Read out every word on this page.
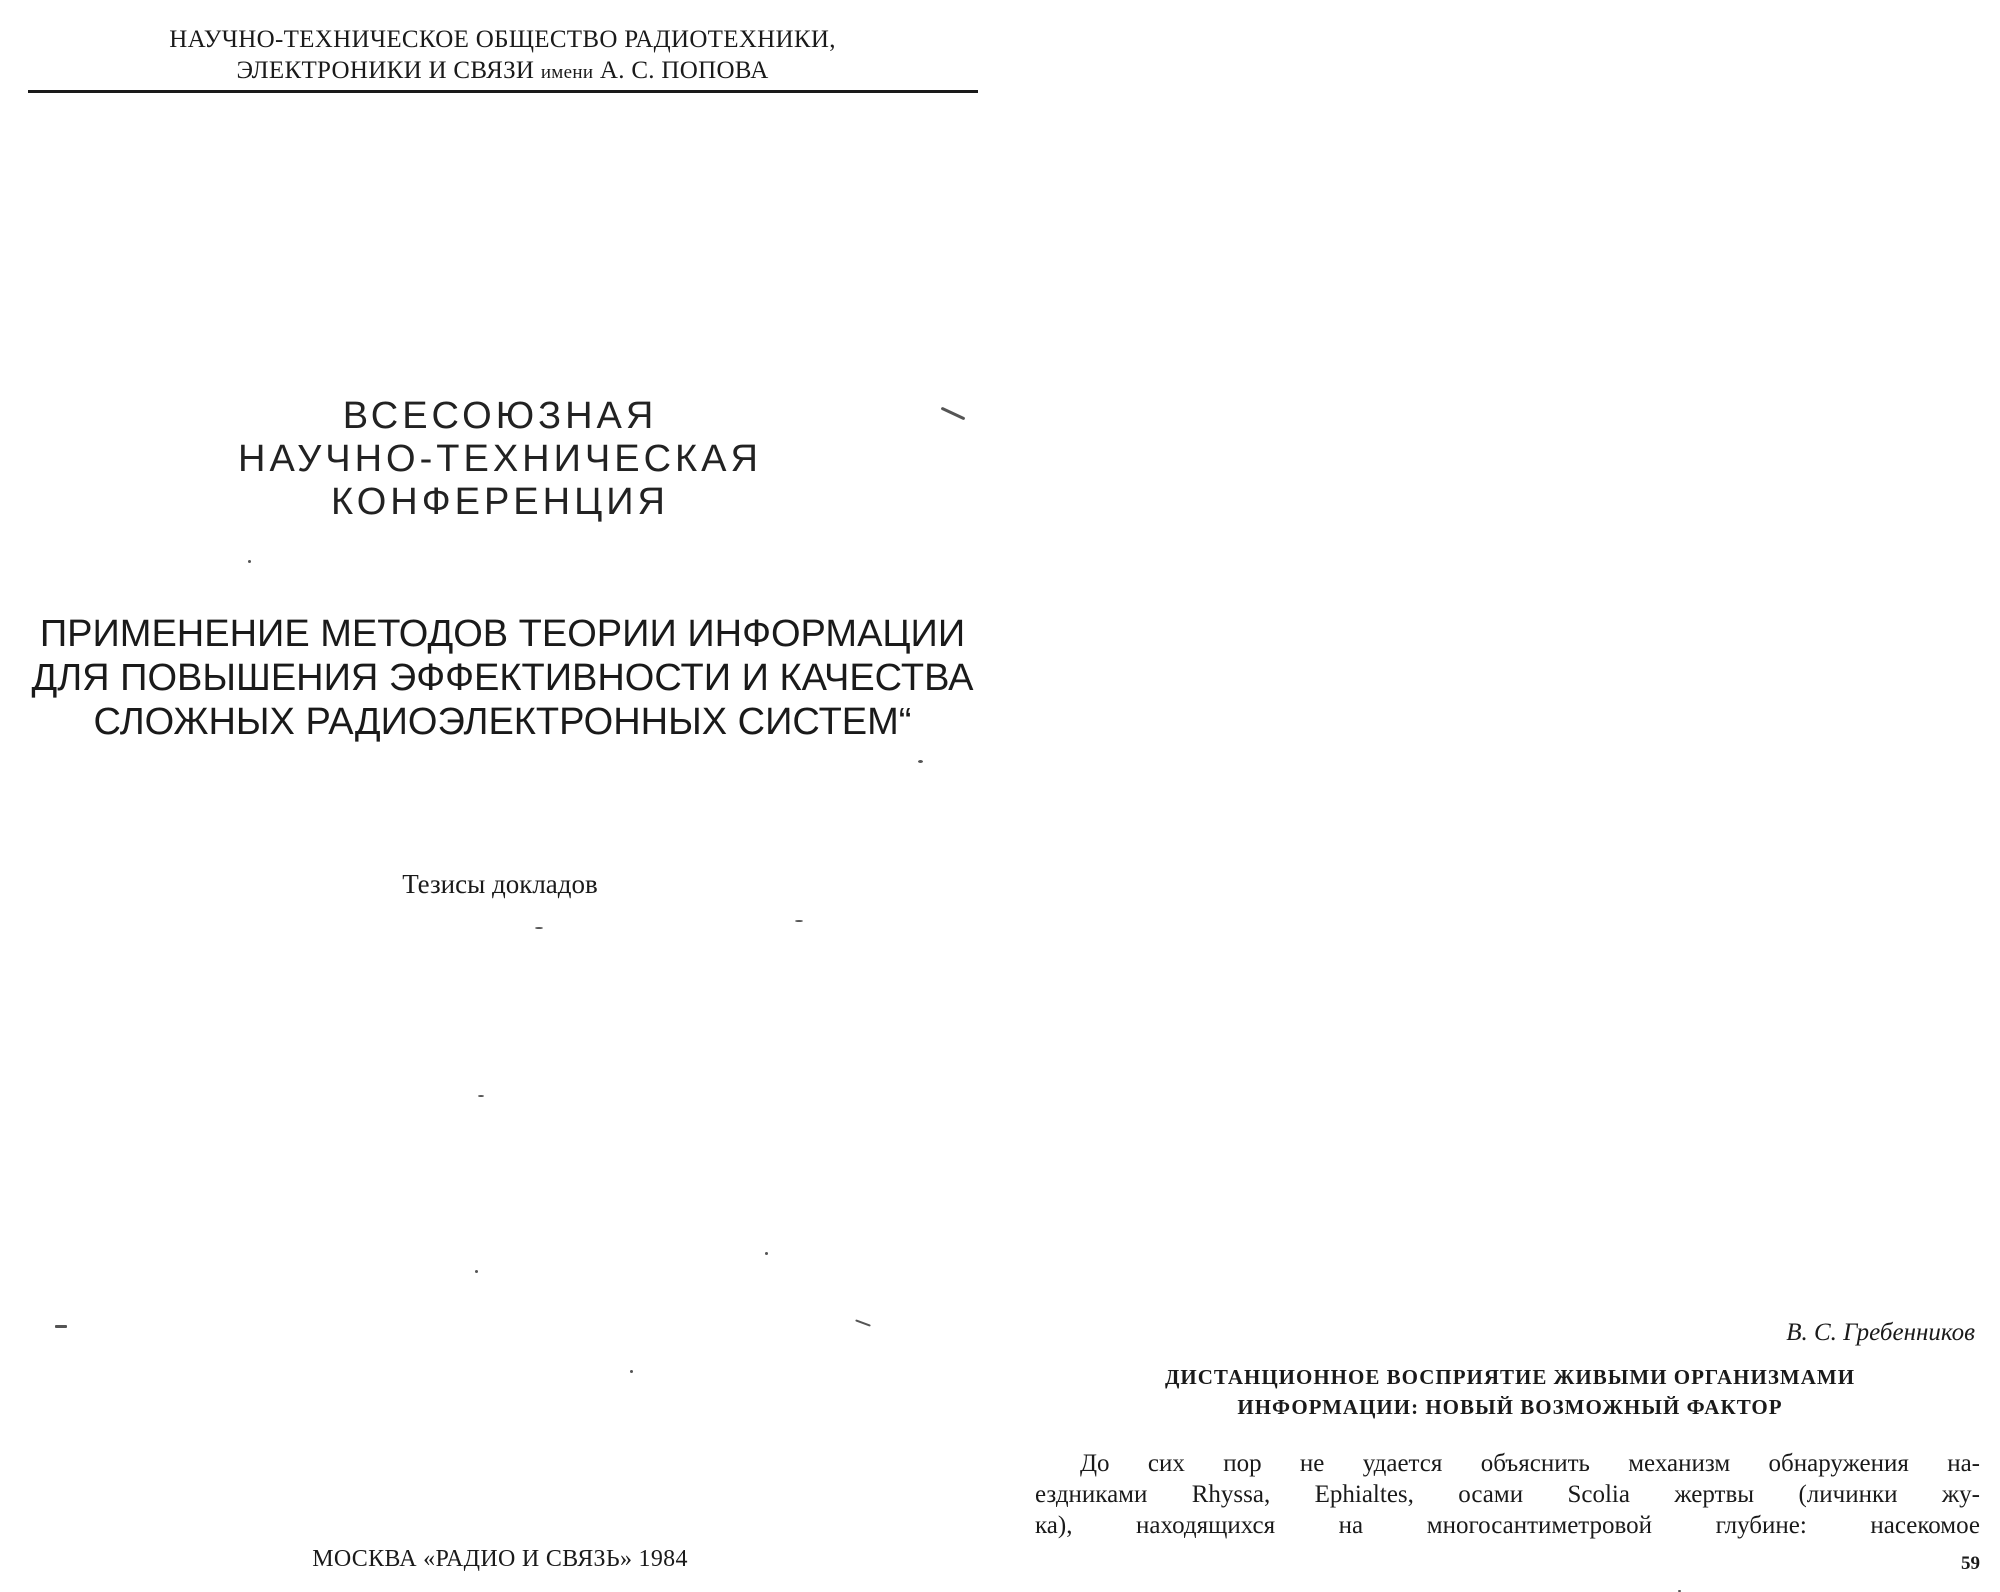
НАУЧНО-ТЕХНИЧЕСКОЕ ОБЩЕСТВО РАДИОТЕХНИКИ,
ЭЛЕКТРОНИКИ И СВЯЗИ имени А. С. ПОПОВА
ВСЕСОЮЗНАЯ
НАУЧНО-ТЕХНИЧЕСКАЯ
КОНФЕРЕНЦИЯ
ПРИМЕНЕНИЕ МЕТОДОВ ТЕОРИИ ИНФОРМАЦИИ
ДЛЯ ПОВЫШЕНИЯ ЭФФЕКТИВНОСТИ И КАЧЕСТВА
СЛОЖНЫХ РАДИОЭЛЕКТРОННЫХ СИСТЕМ“
Тезисы докладов
МОСКВА «РАДИО И СВЯЗЬ» 1984
В. С. Гребенников
ДИСТАНЦИОННОЕ ВОСПРИЯТИЕ ЖИВЫМИ ОРГАНИЗМАМИ
ИНФОРМАЦИИ: НОВЫЙ ВОЗМОЖНЫЙ ФАКТОР
До сих пор не удается объяснить механизм обнаружения на-
ездниками Rhyssa, Ephialtes, осами Scolia жертвы (личинки жу-
ка), находящихся на многосантиметровой глубине: насекомое
59
